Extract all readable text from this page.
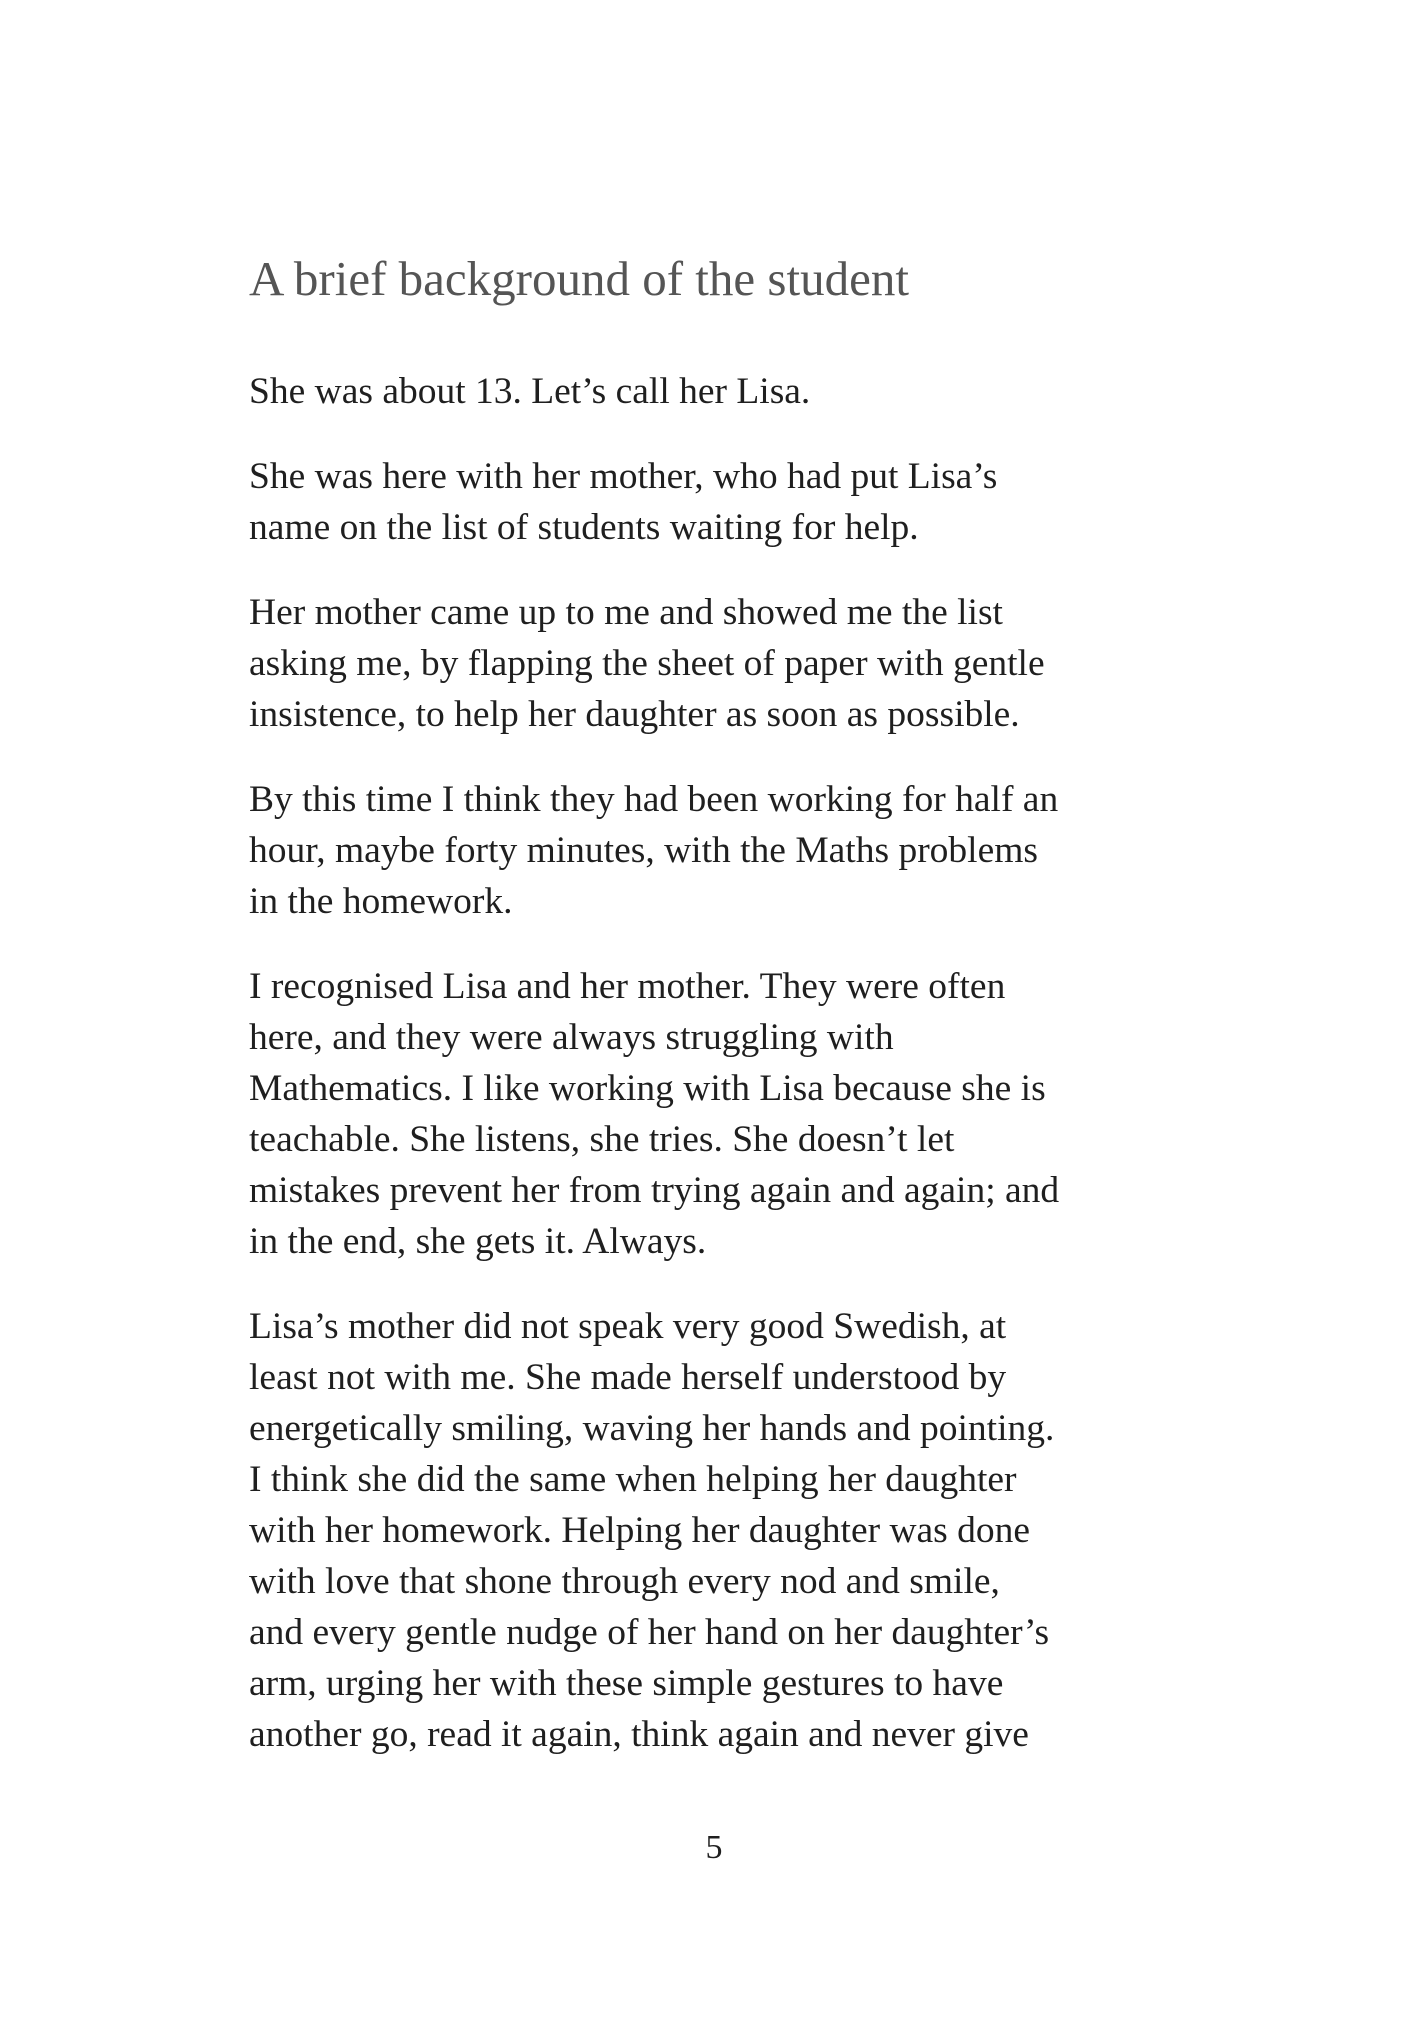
A brief background of the student

She was about 13. Let’s call her Lisa.

She was here with her mother, who had put Lisa’s
name on the list of students waiting for help.

Her mother came up to me and showed me the list
asking me, by flapping the sheet of paper with gentle
insistence, to help her daughter as soon as possible.

By this time I think they had been working for half an
hour, maybe forty minutes, with the Maths problems
in the homework.

I recognised Lisa and her mother. They were often
here, and they were always struggling with
Mathematics. I like working with Lisa because she is
teachable. She listens, she tries. She doesn’t let
mistakes prevent her from trying again and again; and
in the end, she gets it. Always.

Lisa’s mother did not speak very good Swedish, at
least not with me. She made herself understood by
energetically smiling, waving her hands and pointing.
I think she did the same when helping her daughter
with her homework. Helping her daughter was done
with love that shone through every nod and smile,
and every gentle nudge of her hand on her daughter’s
arm, urging her with these simple gestures to have
another go, read it again, think again and never give

5
